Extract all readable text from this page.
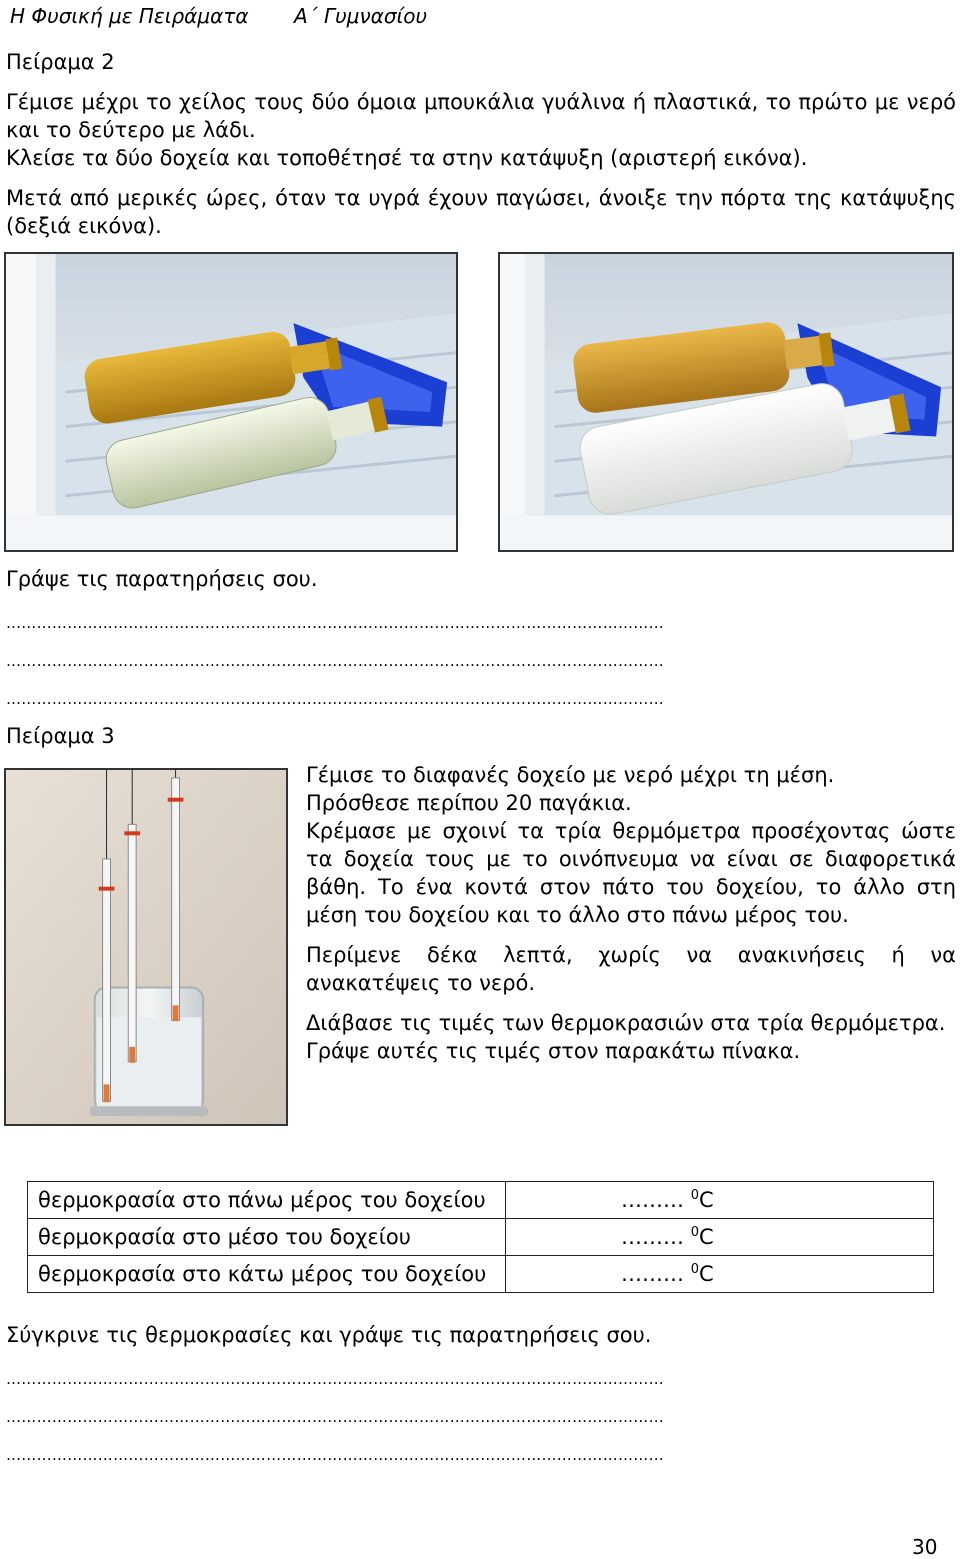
Η Φυσική με Πειράματα Α΄ Γυμνασίου
Πείραμα 2

Γέμισε μέχρι το χείλος τους δύο όμοια μπουκάλια γυάλινα ή πλαστικά, το πρώτο με νερό και το δεύτερο με λάδι.

Κλείσε τα δύο δοχεία και τοποθέτησέ τα στην κατάψυξη (αριστερή εικόνα).

Μετά από μερικές ώρες, όταν τα υγρά έχουν παγώσει, άνοιξε την πόρτα της κατάψυξης (δεξιά εικόνα).

Γράψε τις παρατηρήσεις σου.
…………………………………………………………………………………………………………………
…………………………………………………………………………………………………………………
…………………………………………………………………………………………………………………
Πείραμα 3

Γέμισε το διαφανές δοχείο με νερό μέχρι τη μέση.

Πρόσθεσε περίπου 20 παγάκια.

Κρέμασε με σχοινί τα τρία θερμόμετρα προσέχοντας ώστε τα δοχεία τους με το οινόπνευμα να είναι σε διαφορετικά βάθη. Το ένα κοντά στον πάτο του δοχείου, το άλλο στη μέση του δοχείου και το άλλο στο πάνω μέρος του.

Περίμενε δέκα λεπτά, χωρίς να ανακινήσεις ή να ανακατέψεις το νερό.

Διάβασε τις τιμές των θερμοκρασιών στα τρία θερμόμετρα.

Γράψε αυτές τις τιμές στον παρακάτω πίνακα.

θερμοκρασία στο πάνω μέρος του δοχείου	……… $^0$C
θερμοκρασία στο μέσο του δοχείου	……… $^0$C
θερμοκρασία στο κάτω μέρος του δοχείου	……… $^0$C
Σύγκρινε τις θερμοκρασίες και γράψε τις παρατηρήσεις σου.
…………………………………………………………………………………………………………………
…………………………………………………………………………………………………………………
…………………………………………………………………………………………………………………
30
